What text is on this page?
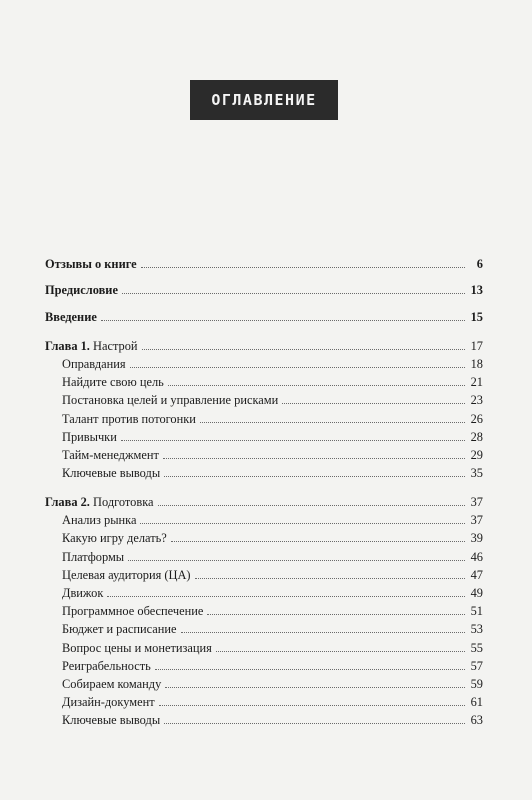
ОГЛАВЛЕНИЕ
Отзывы о книге	6
Предисловие	13
Введение	15
Глава 1. Настрой	17
Оправдания	18
Найдите свою цель	21
Постановка целей и управление рисками	23
Талант против потогонки	26
Привычки	28
Тайм-менеджмент	29
Ключевые выводы	35
Глава 2. Подготовка	37
Анализ рынка	37
Какую игру делать?	39
Платформы	46
Целевая аудитория (ЦА)	47
Движок	49
Программное обеспечение	51
Бюджет и расписание	53
Вопрос цены и монетизация	55
Реиграбельность	57
Собираем команду	59
Дизайн-документ	61
Ключевые выводы	63
